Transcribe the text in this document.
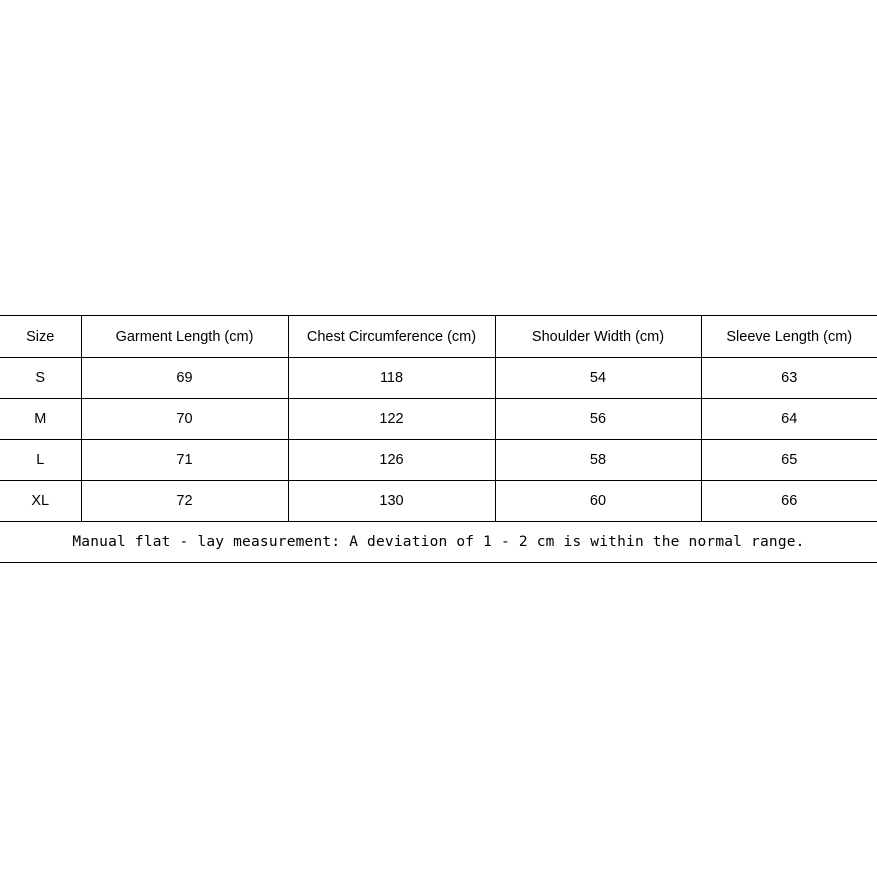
Size	Garment Length (cm)	Chest Circumference (cm)	Shoulder Width (cm)	Sleeve Length (cm)
S	69	118	54	63
M	70	122	56	64
L	71	126	58	65
XL	72	130	60	66
Manual flat - lay measurement: A deviation of 1 - 2 cm is within the normal range.				
